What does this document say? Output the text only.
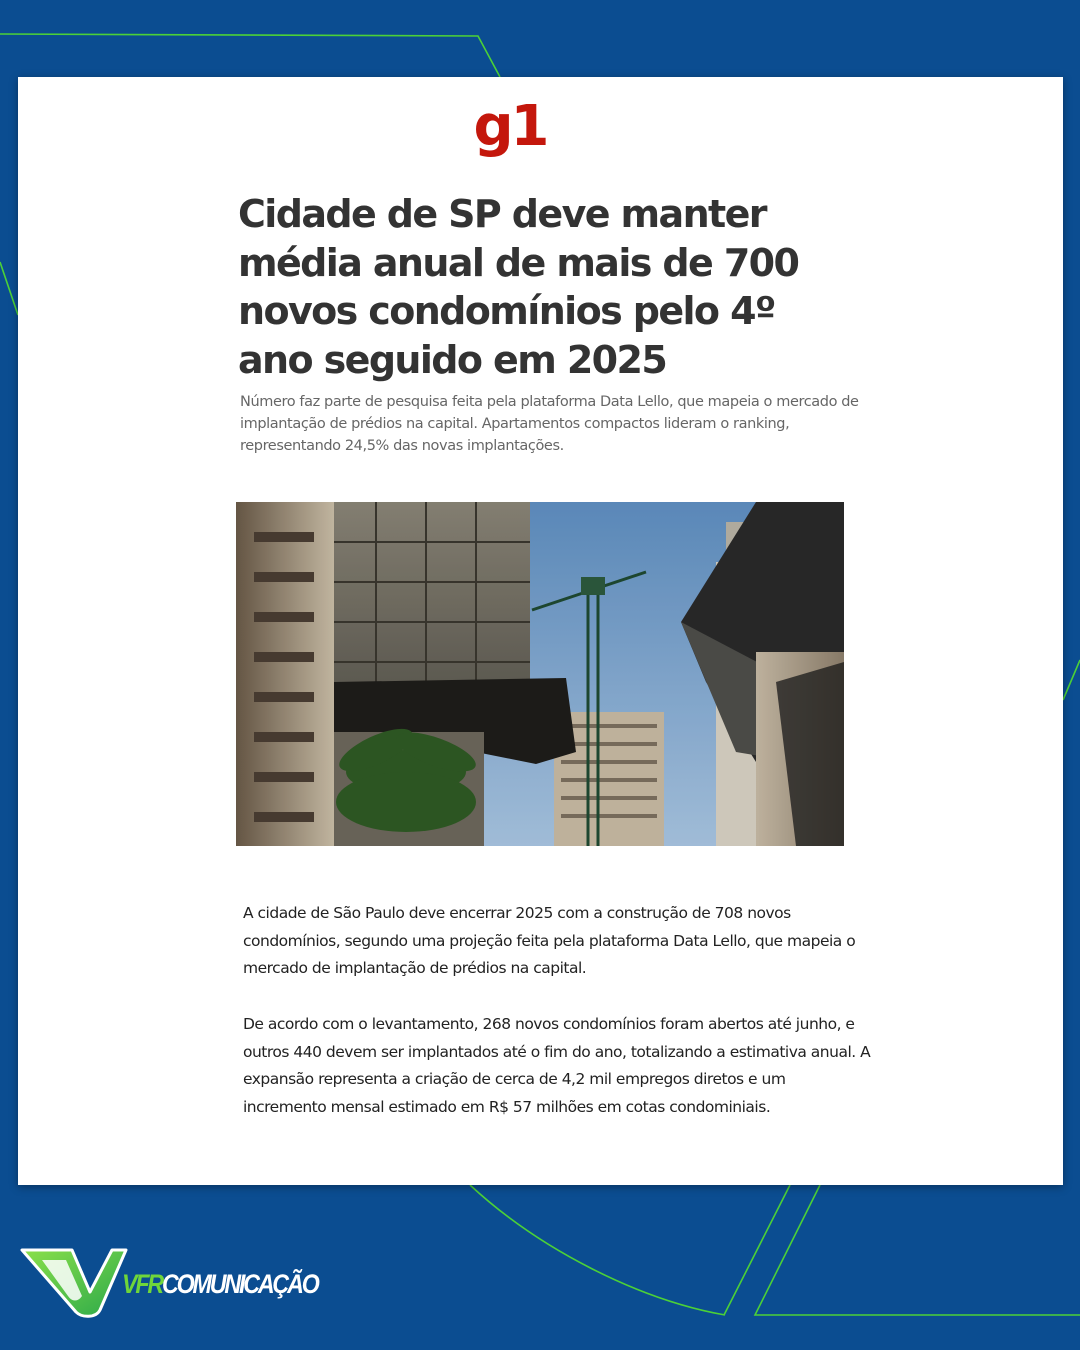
g1
Cidade de SP deve manter média anual de mais de 700 novos condomínios pelo 4º ano seguido em 2025

Número faz parte de pesquisa feita pela plataforma Data Lello, que mapeia o mercado de implantação de prédios na capital. Apartamentos compactos lideram o ranking, representando 24,5% das novas implantações.

A cidade de São Paulo deve encerrar 2025 com a construção de 708 novos condomínios, segundo uma projeção feita pela plataforma Data Lello, que mapeia o mercado de implantação de prédios na capital.

De acordo com o levantamento, 268 novos condomínios foram abertos até junho, e outros 440 devem ser implantados até o fim do ano, totalizando a estimativa anual. A expansão representa a criação de cerca de 4,2 mil empregos diretos e um incremento mensal estimado em R$ 57 milhões em cotas condominiais.

VFRCOMUNICAÇÃO
